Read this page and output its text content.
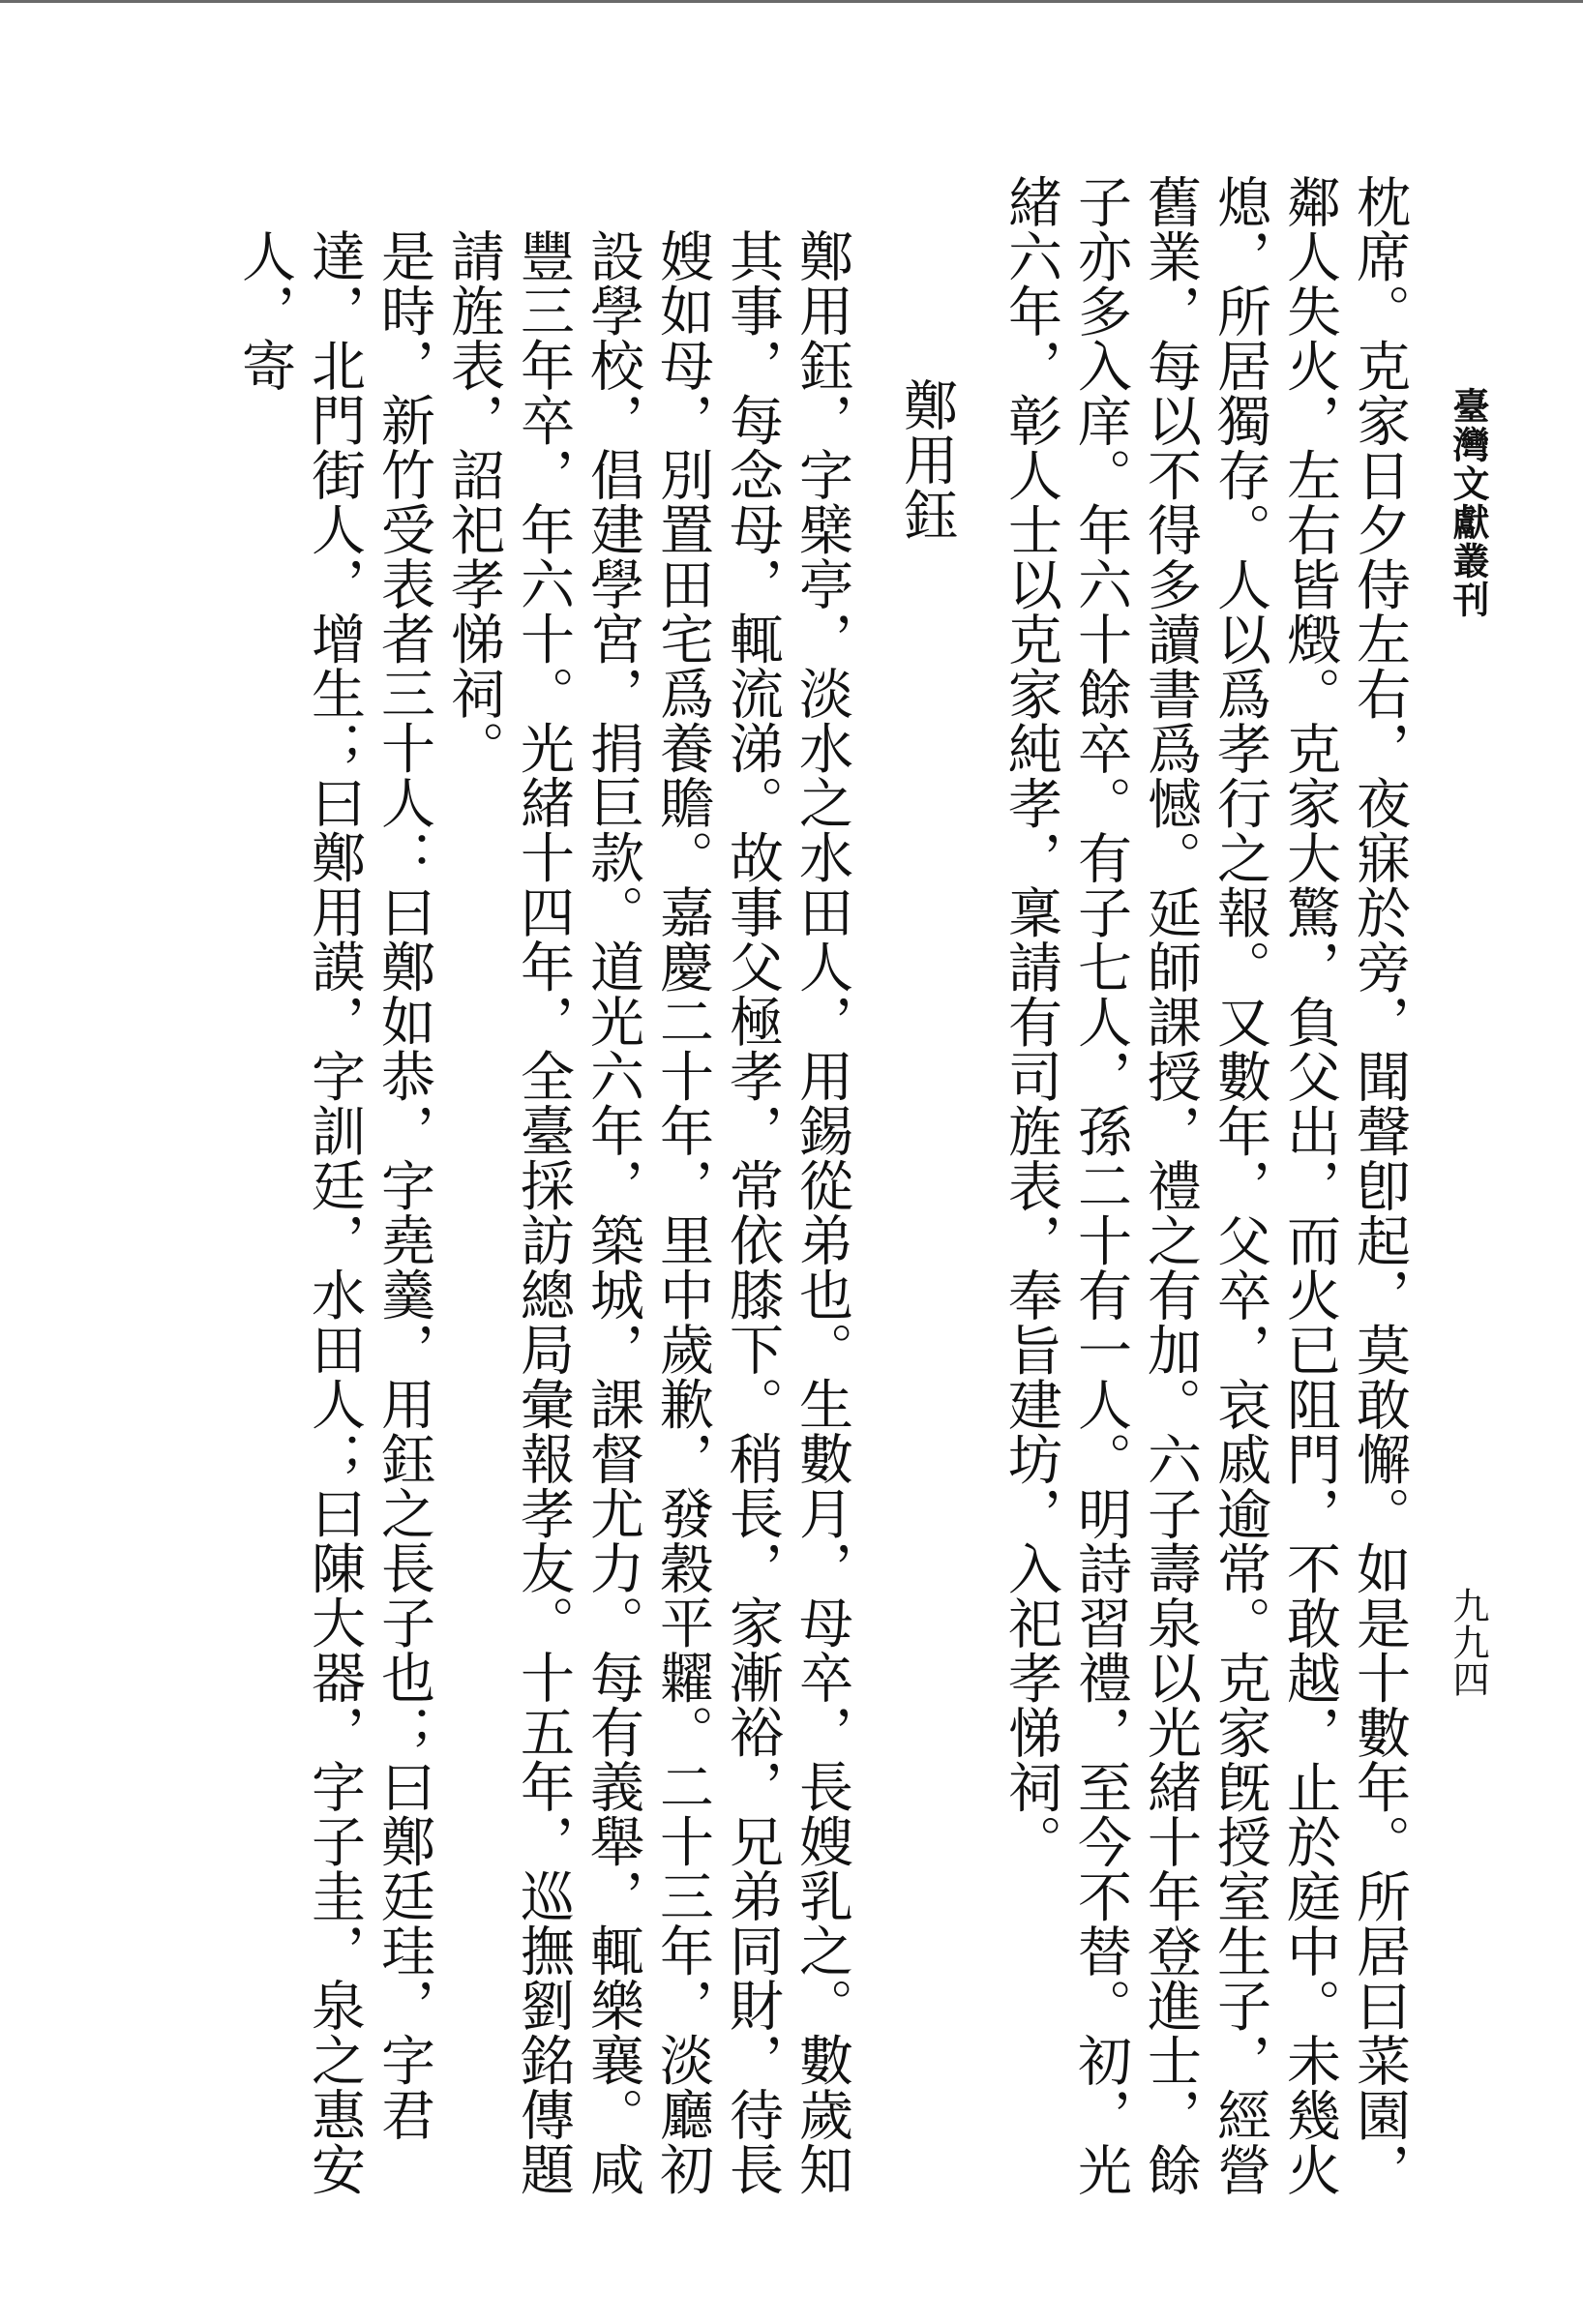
臺灣文獻叢刊
九九四

枕席。克家日夕侍左右，夜寐於旁，聞聲卽起，莫敢懈。如是十數年。所居曰菜園，鄰人失火，左右皆燬。克家大驚，負父出，而火已阻門，不敢越，止於庭中。未幾火熄，所居獨存。人以爲孝行之報。又數年，父卒，哀戚逾常。克家旣授室生子，經營舊業，每以不得多讀書爲憾。延師課授，禮之有加。六子壽泉以光緒十年登進士，餘子亦多入庠。年六十餘卒。有子七人，孫二十有一人。明詩習禮，至今不替。初，光緒六年，彰人士以克家純孝，稟請有司旌表，奉旨建坊，入祀孝悌祠。

鄭用鈺

鄭用鈺，字檗亭，淡水之水田人，用錫從弟也。生數月，母卒，長嫂乳之。數歲知其事，每念母，輒流涕。故事父極孝，常依膝下。稍長，家漸裕，兄弟同財，待長嫂如母，別置田宅爲養贍。嘉慶二十年，里中歲歉，發穀平糶。二十三年，淡廳初設學校，倡建學宮，捐巨款。道光六年，築城，課督尤力。每有義舉，輒樂襄。咸豐三年卒，年六十。光緒十四年，全臺採訪總局彙報孝友。十五年，巡撫劉銘傳題請旌表，詔祀孝悌祠。

是時，新竹受表者三十人：曰鄭如恭，字堯羹，用鈺之長子也；曰鄭廷珪，字君達，北門街人，增生；曰鄭用謨，字訓廷，水田人；曰陳大器，字子圭，泉之惠安人，寄
